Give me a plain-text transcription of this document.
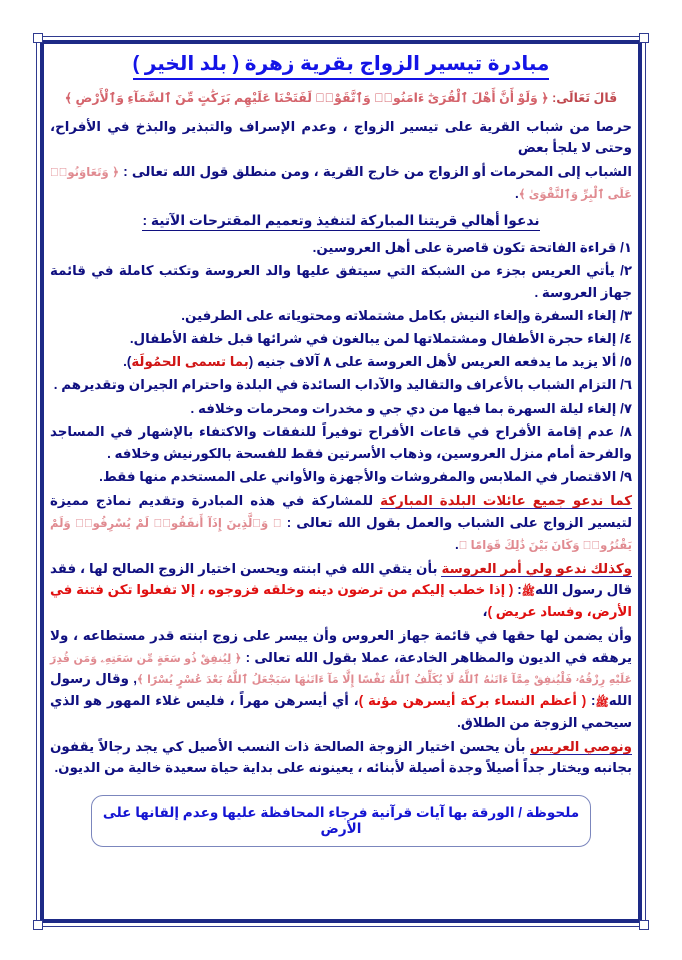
مبادرة تيسير الزواج بقرية زهرة ( بلد الخير )
قَالَ تَعَالَى: ﴿ وَلَوْ أَنَّ أَهْلَ ٱلْقُرَىٰٓ ءَامَنُوا۟ وَٱتَّقَوْا۟ لَفَتَحْنَا عَلَيْهِم بَرَكَٰتٍ مِّنَ ٱلسَّمَآءِ وَٱلْأَرْضِ ﴾
حرصا من شباب القرية على تيسير الزواج ، وعدم الإسراف والتبذير والبذخ في الأفراح، وحتى لا يلجأ بعض
الشباب إلى المحرمات أو الزواج من خارج القرية ، ومن منطلق قول الله تعالى : ﴿ وَتَعَاوَنُوا۟ عَلَى ٱلْبِرِّ وَٱلتَّقْوَىٰ ﴾.
ندعوا أهالي قريتنا المباركة لتنفيذ وتعميم المقترحات الآتية :
١/ قراءة الفاتحة تكون قاصرة على أهل العروسين.
٢/ يأتي العريس بجزء من الشبكة التي سيتفق عليها والد العروسة وتكتب كاملة في قائمة جهاز العروسة .
٣/ إلغاء السفرة وإلغاء النيش بكامل مشتملاته ومحتوياته على الطرفين.
٤/ إلغاء حجرة الأطفال ومشتملاتها لمن يبالغون في شرائها قبل خلفة الأطفال.
٥/ ألا يزيد ما يدفعه العريس لأهل العروسة على ٨ آلاف جنيه (بما تسمى الحمُولَة).
٦/ التزام الشباب بالأعراف والتقاليد والآداب السائدة في البلدة واحترام الجيران وتقديرهم .
٧/ إلغاء ليلة السهرة بما فيها من دي جي و مخدرات ومحرمات وخلافه .
٨/ عدم إقامة الأفراح في قاعات الأفراح توفيراً للنفقات والاكتفاء بالإشهار في المساجد والفرحة أمام منزل العروسين، وذهاب الأسرتين فقط للفسحة بالكورنيش وخلافه .
٩/ الاقتصار في الملابس والمفروشات والأجهزة والأواني على المستخدم منها فقط.
كما ندعو جميع عائلات البلدة المباركة للمشاركة في هذه المبادرة وتقديم نماذج مميزة لتيسير الزواج على الشباب والعمل بقول الله تعالى : ﴿ وَٱلَّذِينَ إِذَآ أَنفَقُوا۟ لَمْ يُسْرِفُوا۟ وَلَمْ يَقْتُرُوا۟ وَكَانَ بَيْنَ ذَٰلِكَ قَوَامًا ﴾.
وكذلك ندعو ولي أمر العروسة بأن يتقي الله في ابنته ويحسن اختيار الزوج الصالح لها ، فقد قال رسول اللهﷺ: ( إذا خطب إليكم من ترضون دينه وخلقه فزوجوه ، إلا تفعلوا تكن فتنة في الأرض، وفساد عريض )،
وأن يضمن لها حقها في قائمة جهاز العروس وأن ييسر على زوج ابنته قدر مستطاعه ، ولا يرهقه في الديون والمظاهر الخادعة، عملا بقول الله تعالى : ﴿ لِيُنفِقْ ذُو سَعَةٍ مِّن سَعَتِهِۦ وَمَن قُدِرَ عَلَيْهِ رِزْقُهُۥ فَلْيُنفِقْ مِمَّآ ءَاتَىٰهُ ٱللَّهُ لَا يُكَلِّفُ ٱللَّهُ نَفْسًا إِلَّا مَآ ءَاتَىٰهَا سَيَجْعَلُ ٱللَّهُ بَعْدَ عُسْرٍ يُسْرًا ﴾, وقال رسول اللهﷺ: ( أعظم النساء بركة أيسرهن مؤنة )، أي أيسرهن مهراً ، فليس غلاء المهور هو الذي سيحمي الزوجة من الطلاق.
ونوصي العريس بأن يحسن اختيار الزوجة الصالحة ذات النسب الأصيل كي يجد رجالاً يقفون بجانبه ويختار جداً أصيلاً وجدة أصيلة لأبنائه ، يعينونه على بداية حياة سعيدة خالية من الديون.
ملحوظة / الورقة بها آيات قرآنية فرجاء المحافظة عليها وعدم إلقانها على الأرض
